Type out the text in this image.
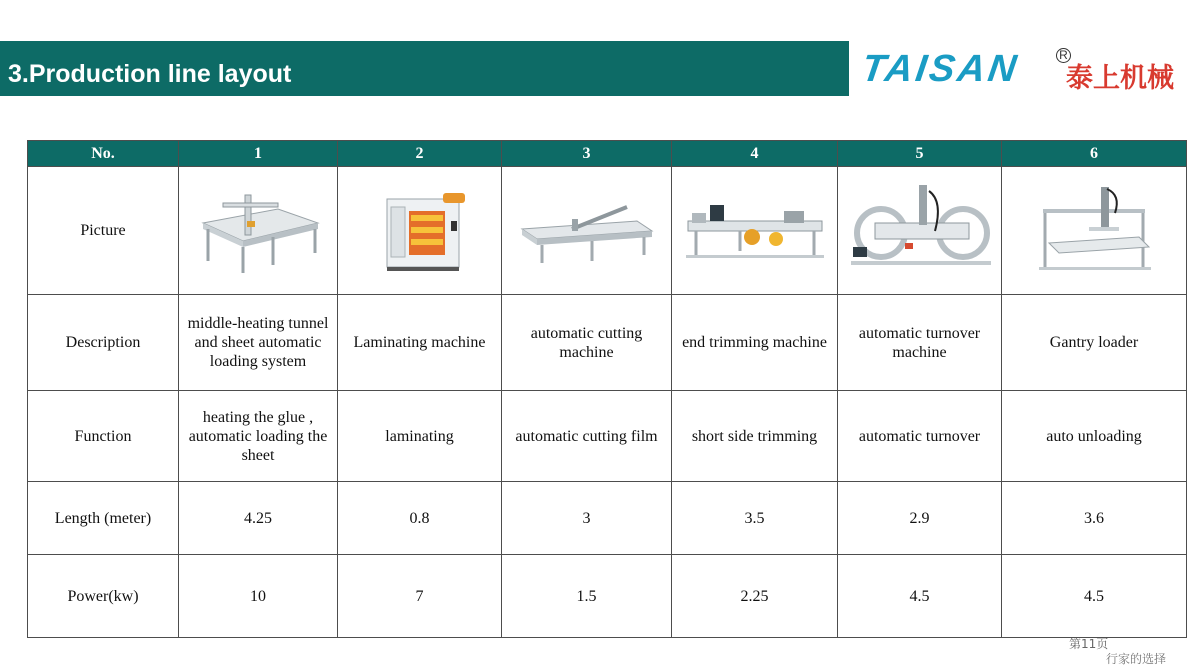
3.Production line layout	TAISAN	R
泰上机械
No.	1	2	3	4	5	6
Picture	

Description	middle-heating tunnel and sheet automatic loading system	Laminating machine	automatic cutting machine	end trimming machine	automatic turnover machine	Gantry loader
Function	heating the glue , automatic loading the sheet	laminating	automatic cutting film	short side trimming	automatic turnover	auto unloading
Length (meter)	4.25	0.8	3	3.5	2.9	3.6
Power(kw)	10	7	1.5	2.25	4.5	4.5
第11页
行家的选择
